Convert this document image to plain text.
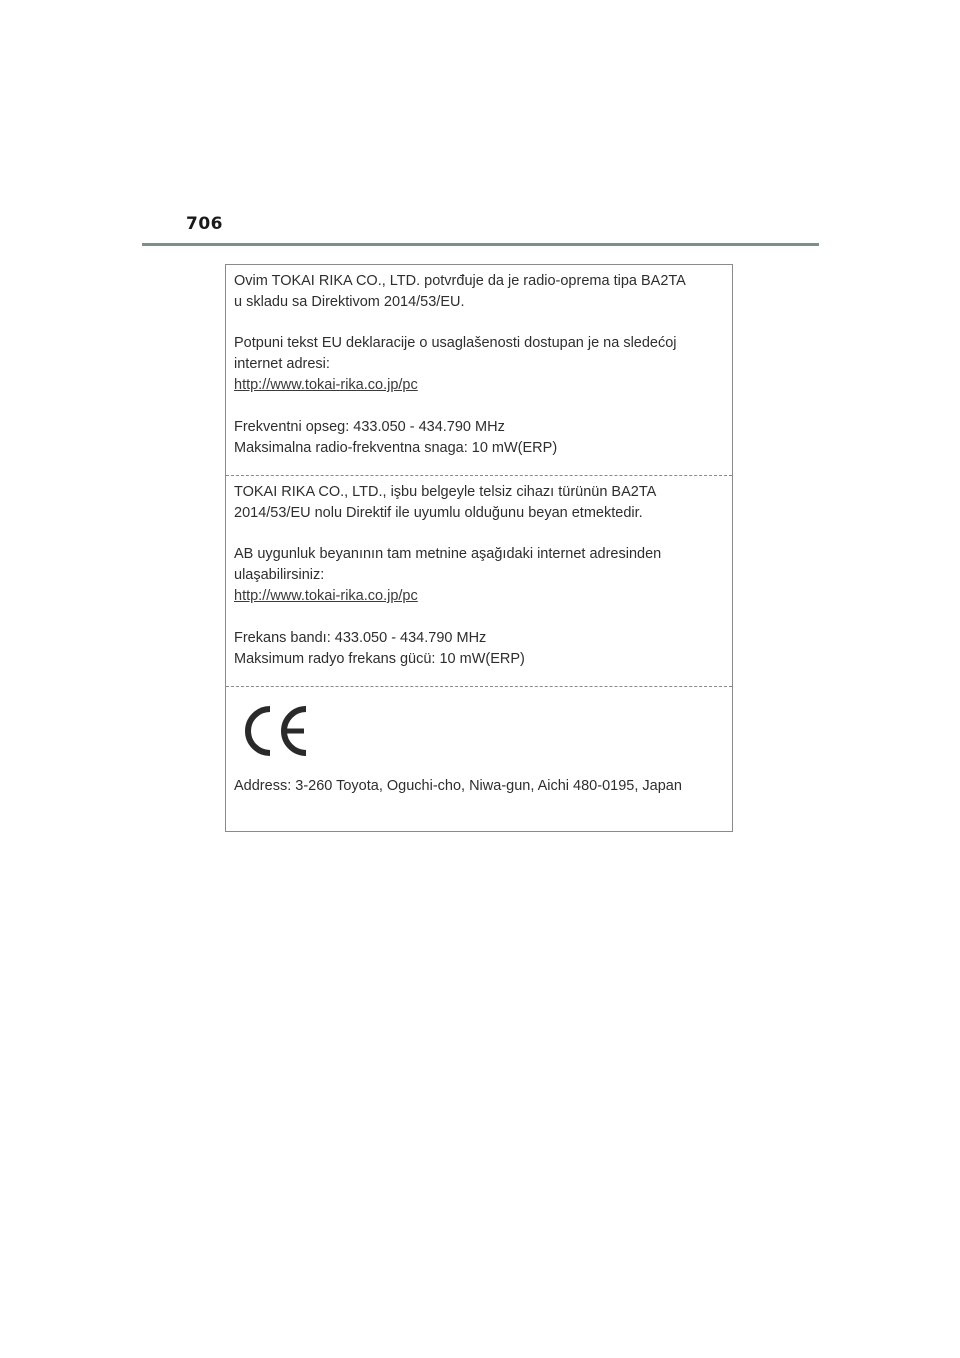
706
Ovim TOKAI RIKA CO., LTD. potvrđuje da je radio-oprema tipa BA2TA
u skladu sa Direktivom 2014/53/EU.
Potpuni tekst EU deklaracije o usaglašenosti dostupan je na sledećoj
internet adresi:
http://www.tokai-rika.co.jp/pc
Frekventni opseg: 433.050 - 434.790 MHz
Maksimalna radio-frekventna snaga: 10 mW(ERP)
TOKAI RIKA CO., LTD., işbu belgeyle telsiz cihazı türünün BA2TA
2014/53/EU nolu Direktif ile uyumlu olduğunu beyan etmektedir.
AB uygunluk beyanının tam metnine aşağıdaki internet adresinden
ulaşabilirsiniz:
http://www.tokai-rika.co.jp/pc
Frekans bandı: 433.050 - 434.790 MHz
Maksimum radyo frekans gücü: 10 mW(ERP)
Address: 3-260 Toyota, Oguchi-cho, Niwa-gun, Aichi 480-0195, Japan
